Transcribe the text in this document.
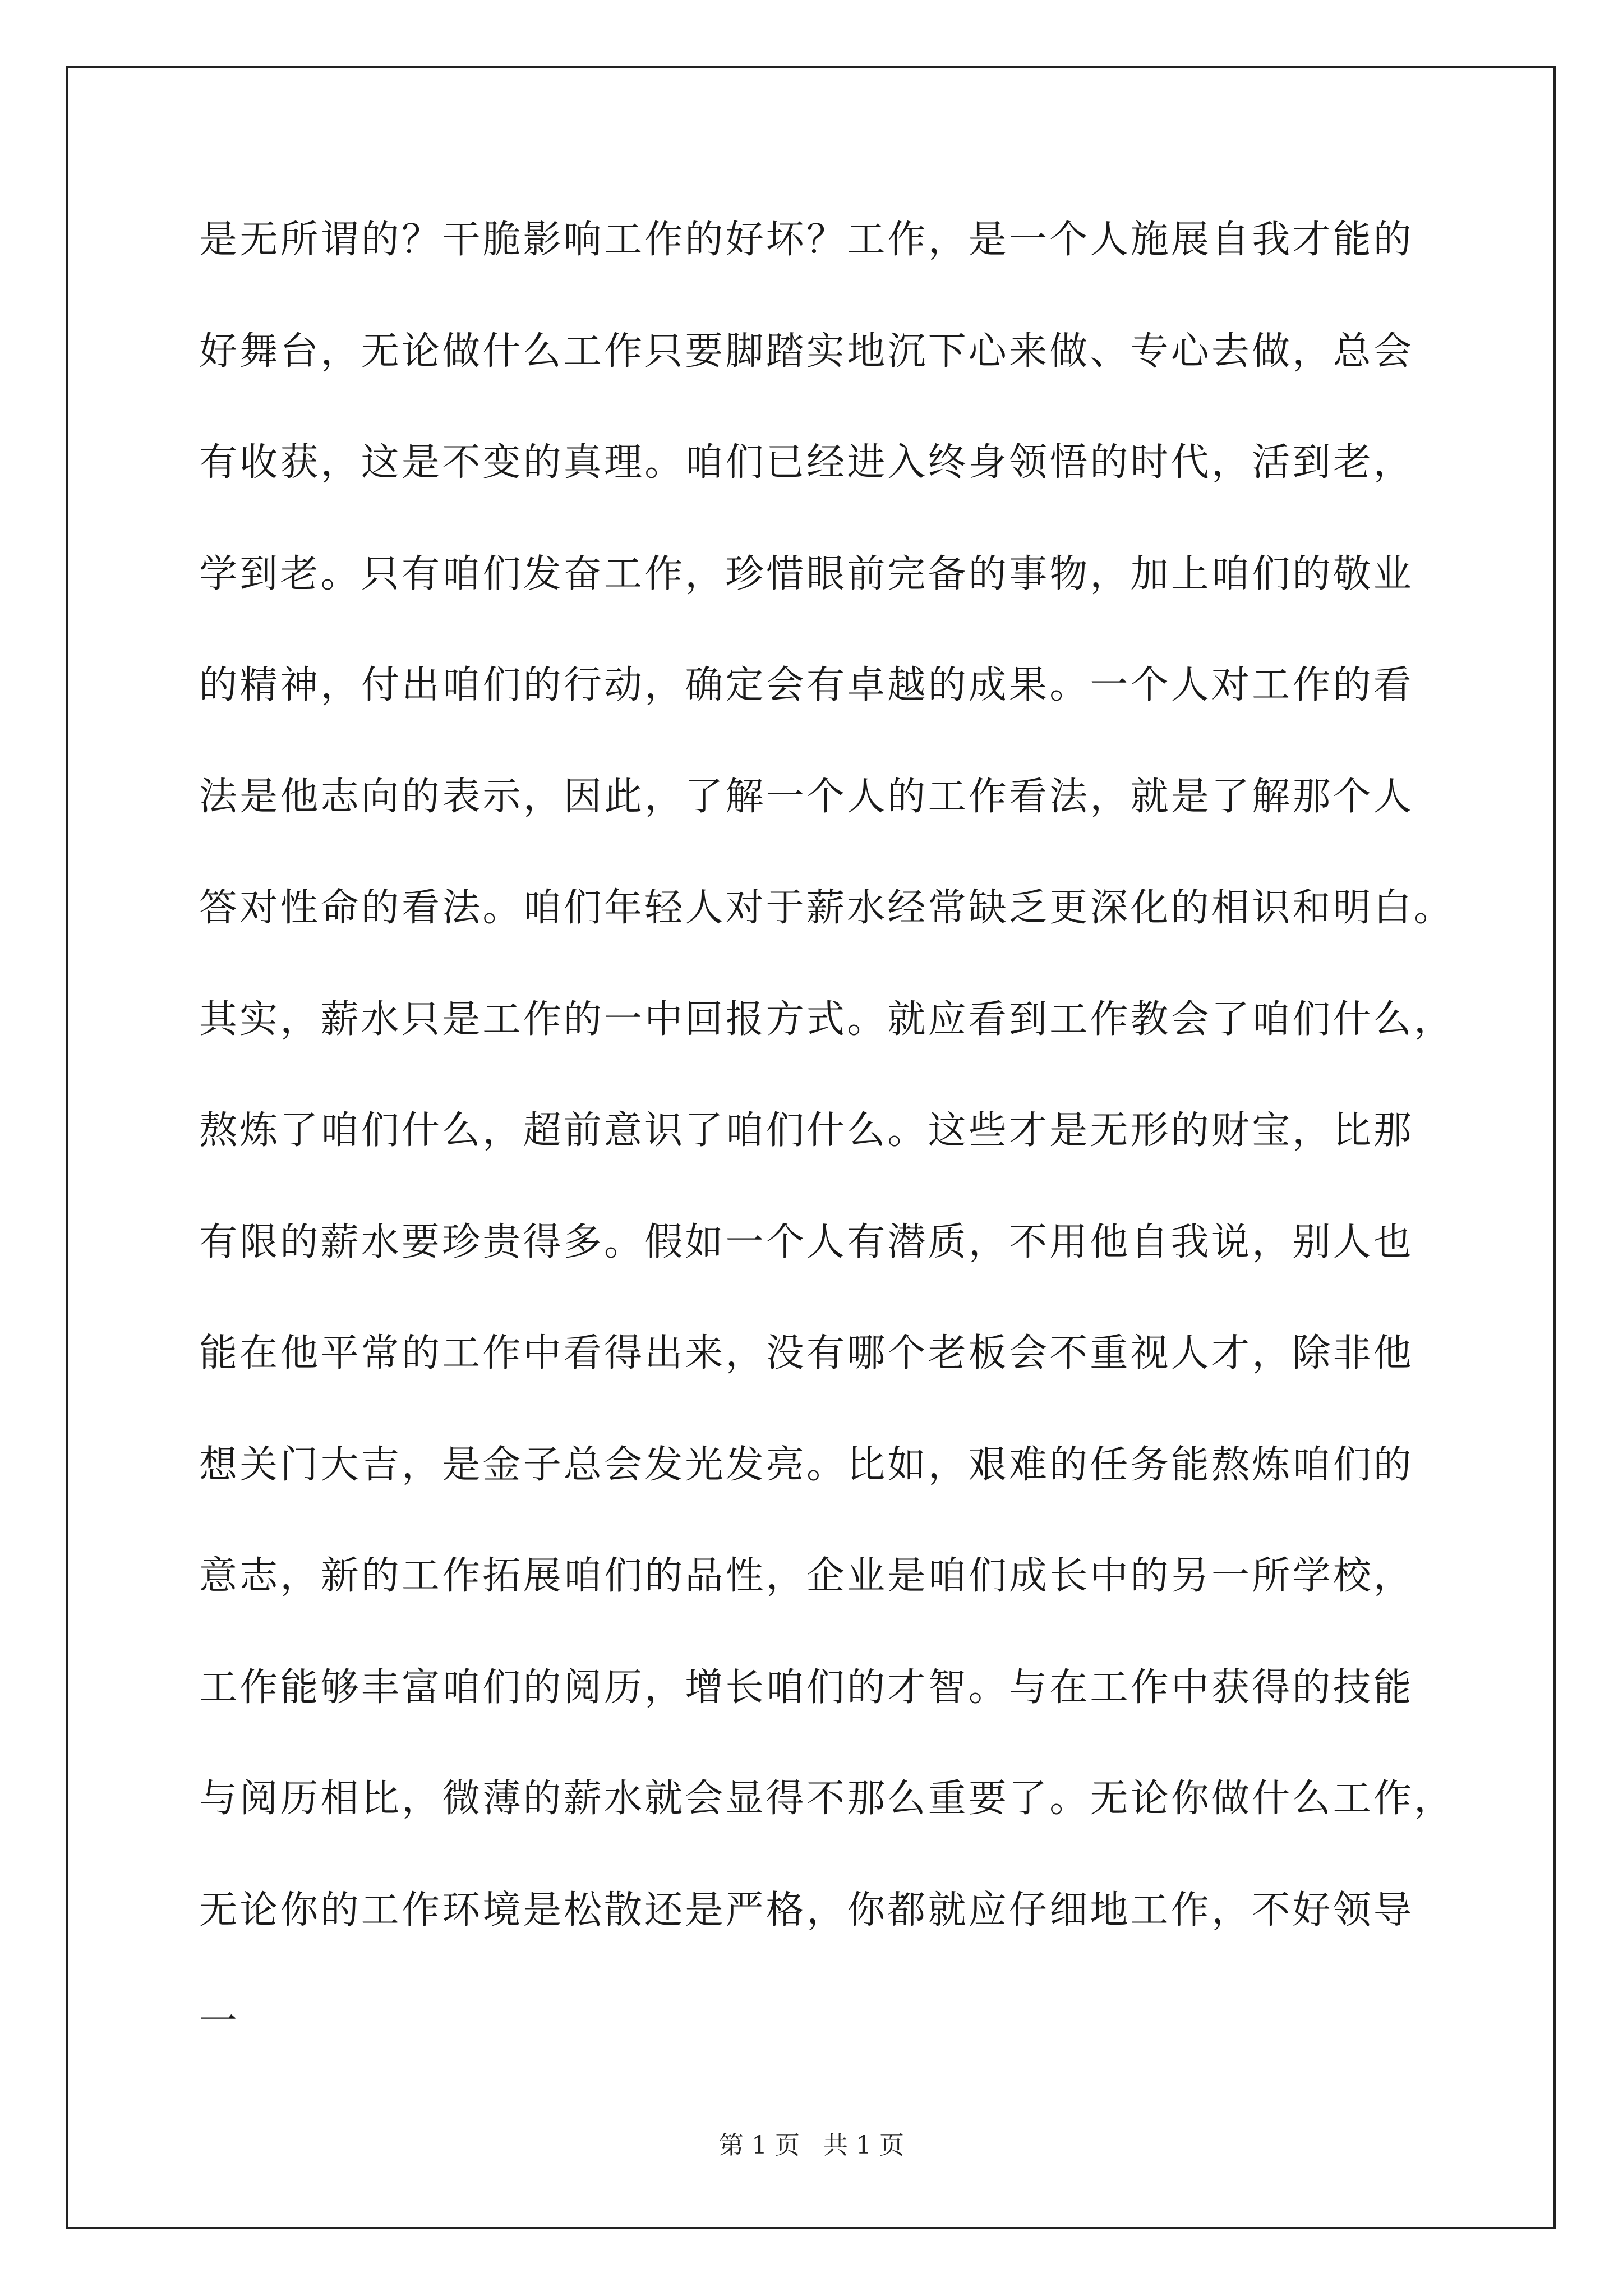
是无所谓的？干脆影响工作的好坏？工作，是一个人施展自我才能的
好舞台，无论做什么工作只要脚踏实地沉下心来做、专心去做，总会
有收获，这是不变的真理。咱们已经进入终身领悟的时代，活到老，
学到老。只有咱们发奋工作，珍惜眼前完备的事物，加上咱们的敬业
的精神，付出咱们的行动，确定会有卓越的成果。一个人对工作的看
法是他志向的表示，因此，了解一个人的工作看法，就是了解那个人
答对性命的看法。咱们年轻人对于薪水经常缺乏更深化的相识和明白。
其实，薪水只是工作的一中回报方式。就应看到工作教会了咱们什么，
熬炼了咱们什么，超前意识了咱们什么。这些才是无形的财宝，比那
有限的薪水要珍贵得多。假如一个人有潜质，不用他自我说，别人也
能在他平常的工作中看得出来，没有哪个老板会不重视人才，除非他
想关门大吉，是金子总会发光发亮。比如，艰难的任务能熬炼咱们的
意志，新的工作拓展咱们的品性，企业是咱们成长中的另一所学校，
工作能够丰富咱们的阅历，增长咱们的才智。与在工作中获得的技能
与阅历相比，微薄的薪水就会显得不那么重要了。无论你做什么工作，
无论你的工作环境是松散还是严格，你都就应仔细地工作，不好领导
一
第 1 页 共 1 页
